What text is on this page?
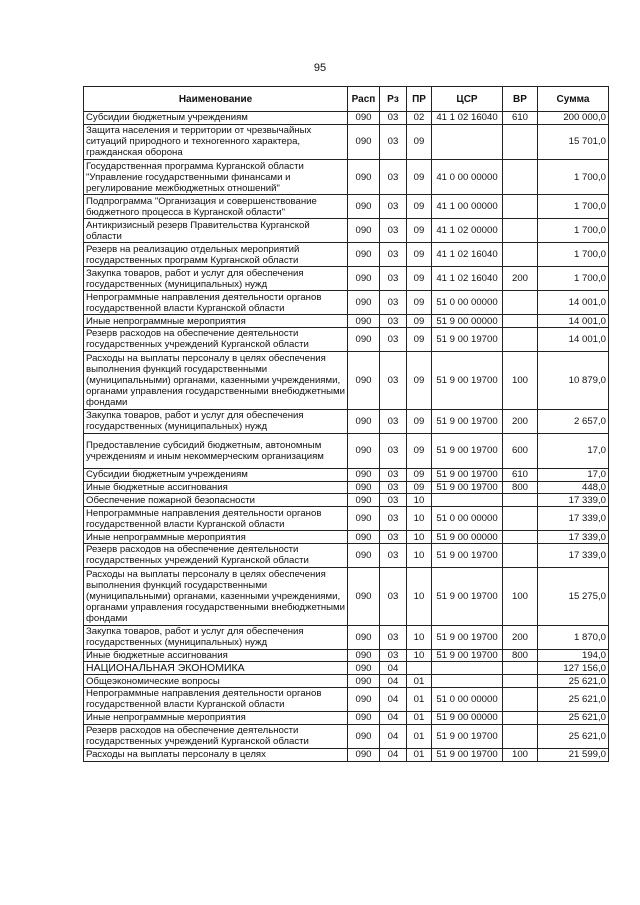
95
Наименование	Расп	Рз	ПР	ЦСР	ВР	Сумма
Субсидии бюджетным учреждениям	090	03	02	41 1 02 16040	610	200 000,0
Защита населения и территории от чрезвычайных ситуаций природного и техногенного характера, гражданская оборона	090	03	09			15 701,0
Государственная программа Курганской области "Управление государственными финансами и регулирование межбюджетных отношений"	090	03	09	41 0 00 00000		1 700,0
Подпрограмма "Организация и совершенствование бюджетного процесса в Курганской области"	090	03	09	41 1 00 00000		1 700,0
Антикризисный резерв Правительства Курганской области	090	03	09	41 1 02 00000		1 700,0
Резерв на реализацию отдельных мероприятий государственных программ Курганской области	090	03	09	41 1 02 16040		1 700,0
Закупка товаров, работ и услуг для обеспечения государственных (муниципальных) нужд	090	03	09	41 1 02 16040	200	1 700,0
Непрограммные направления деятельности органов государственной власти Курганской области	090	03	09	51 0 00 00000		14 001,0
Иные непрограммные мероприятия	090	03	09	51 9 00 00000		14 001,0
Резерв расходов на обеспечение деятельности государственных учреждений Курганской области	090	03	09	51 9 00 19700		14 001,0
Расходы на выплаты персоналу в целях обеспечения выполнения функций государственными (муниципальными) органами, казенными учреждениями, органами управления государственными внебюджетными фондами	090	03	09	51 9 00 19700	100	10 879,0
Закупка товаров, работ и услуг для обеспечения государственных (муниципальных) нужд	090	03	09	51 9 00 19700	200	2 657,0
Предоставление субсидий бюджетным, автономным учреждениям и иным некоммерческим организациям	090	03	09	51 9 00 19700	600	17,0
Субсидии бюджетным учреждениям	090	03	09	51 9 00 19700	610	17,0
Иные бюджетные ассигнования	090	03	09	51 9 00 19700	800	448,0
Обеспечение пожарной безопасности	090	03	10			17 339,0
Непрограммные направления деятельности органов государственной власти Курганской области	090	03	10	51 0 00 00000		17 339,0
Иные непрограммные мероприятия	090	03	10	51 9 00 00000		17 339,0
Резерв расходов на обеспечение деятельности государственных учреждений Курганской области	090	03	10	51 9 00 19700		17 339,0
Расходы на выплаты персоналу в целях обеспечения выполнения функций государственными (муниципальными) органами, казенными учреждениями, органами управления государственными внебюджетными фондами	090	03	10	51 9 00 19700	100	15 275,0
Закупка товаров, работ и услуг для обеспечения государственных (муниципальных) нужд	090	03	10	51 9 00 19700	200	1 870,0
Иные бюджетные ассигнования	090	03	10	51 9 00 19700	800	194,0
НАЦИОНАЛЬНАЯ ЭКОНОМИКА	090	04				127 156,0
Общеэкономические вопросы	090	04	01			25 621,0
Непрограммные направления деятельности органов государственной власти Курганской области	090	04	01	51 0 00 00000		25 621,0
Иные непрограммные мероприятия	090	04	01	51 9 00 00000		25 621,0
Резерв расходов на обеспечение деятельности государственных учреждений Курганской области	090	04	01	51 9 00 19700		25 621,0
Расходы на выплаты персоналу в целях	090	04	01	51 9 00 19700	100	21 599,0
